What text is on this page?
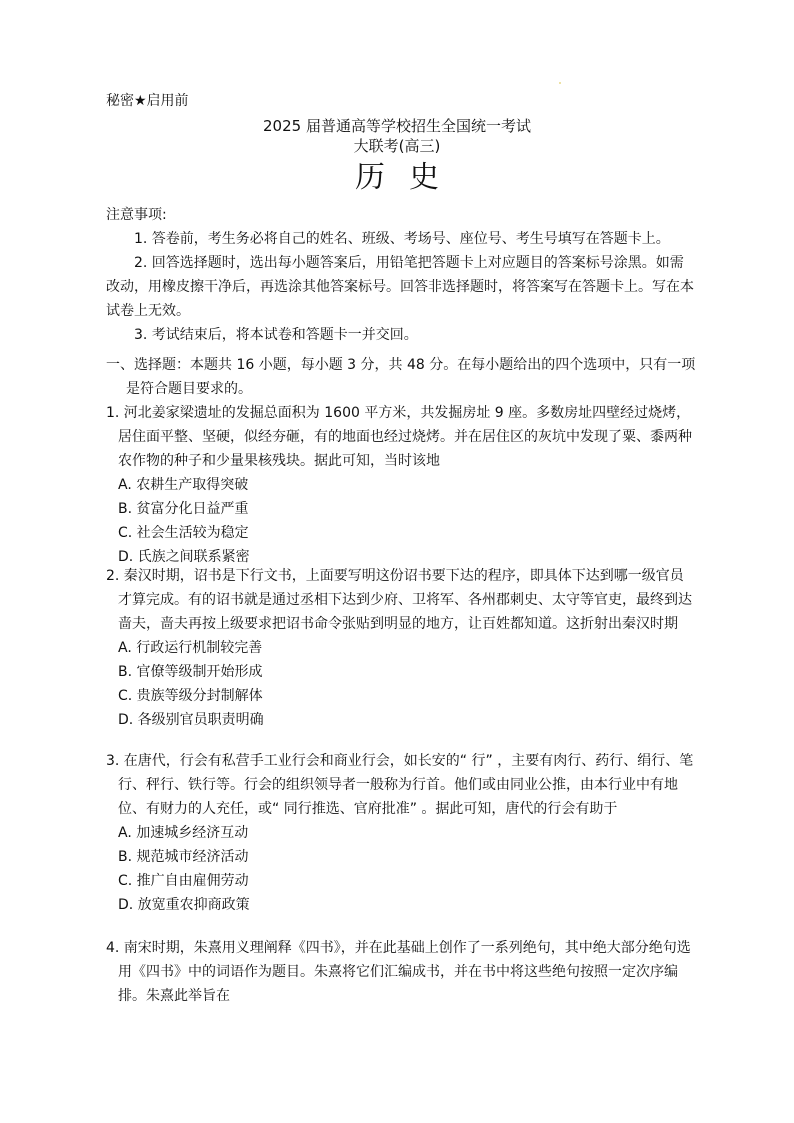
秘密★启用前
2025 届普通高等学校招生全国统一考试
大联考(高三)
历史
注意事项:

1. 答卷前，考生务必将自己的姓名、班级、考场号、座位号、考生号填写在答题卡上。

2. 回答选择题时，选出每小题答案后，用铅笔把答题卡上对应题目的答案标号涂黑。如需改动，用橡皮擦干净后，再选涂其他答案标号。回答非选择题时，将答案写在答题卡上。写在本试卷上无效。

3. 考试结束后，将本试卷和答题卡一并交回。

一、选择题：本题共 16 小题，每小题 3 分，共 48 分。在每小题给出的四个选项中，只有一项是符合题目要求的。

1. 河北姜家梁遗址的发掘总面积为 1600 平方米，共发掘房址 9 座。多数房址四壁经过烧烤，居住面平整、坚硬，似经夯砸，有的地面也经过烧烤。并在居住区的灰坑中发现了粟、黍两种农作物的种子和少量果核残块。据此可知，当时该地

A. 农耕生产取得突破

B. 贫富分化日益严重

C. 社会生活较为稳定

D. 氏族之间联系紧密

2. 秦汉时期，诏书是下行文书，上面要写明这份诏书要下达的程序，即具体下达到哪一级官员才算完成。有的诏书就是通过丞相下达到少府、卫将军、各州郡刺史、太守等官吏，最终到达啬夫，啬夫再按上级要求把诏书命令张贴到明显的地方，让百姓都知道。这折射出秦汉时期

A. 行政运行机制较完善

B. 官僚等级制开始形成

C. 贵族等级分封制解体

D. 各级别官员职责明确

3. 在唐代，行会有私营手工业行会和商业行会，如长安的“ 行” ，主要有肉行、药行、绢行、笔行、秤行、铁行等。行会的组织领导者一般称为行首。他们或由同业公推，由本行业中有地位、有财力的人充任，或“ 同行推选、官府批准” 。据此可知，唐代的行会有助于

A. 加速城乡经济互动

B. 规范城市经济活动

C. 推广自由雇佣劳动

D. 放宽重农抑商政策

4. 南宋时期，朱熹用义理阐释《四书》，并在此基础上创作了一系列绝句，其中绝大部分绝句选用《四书》中的词语作为题目。朱熹将它们汇编成书，并在书中将这些绝句按照一定次序编排。朱熹此举旨在
